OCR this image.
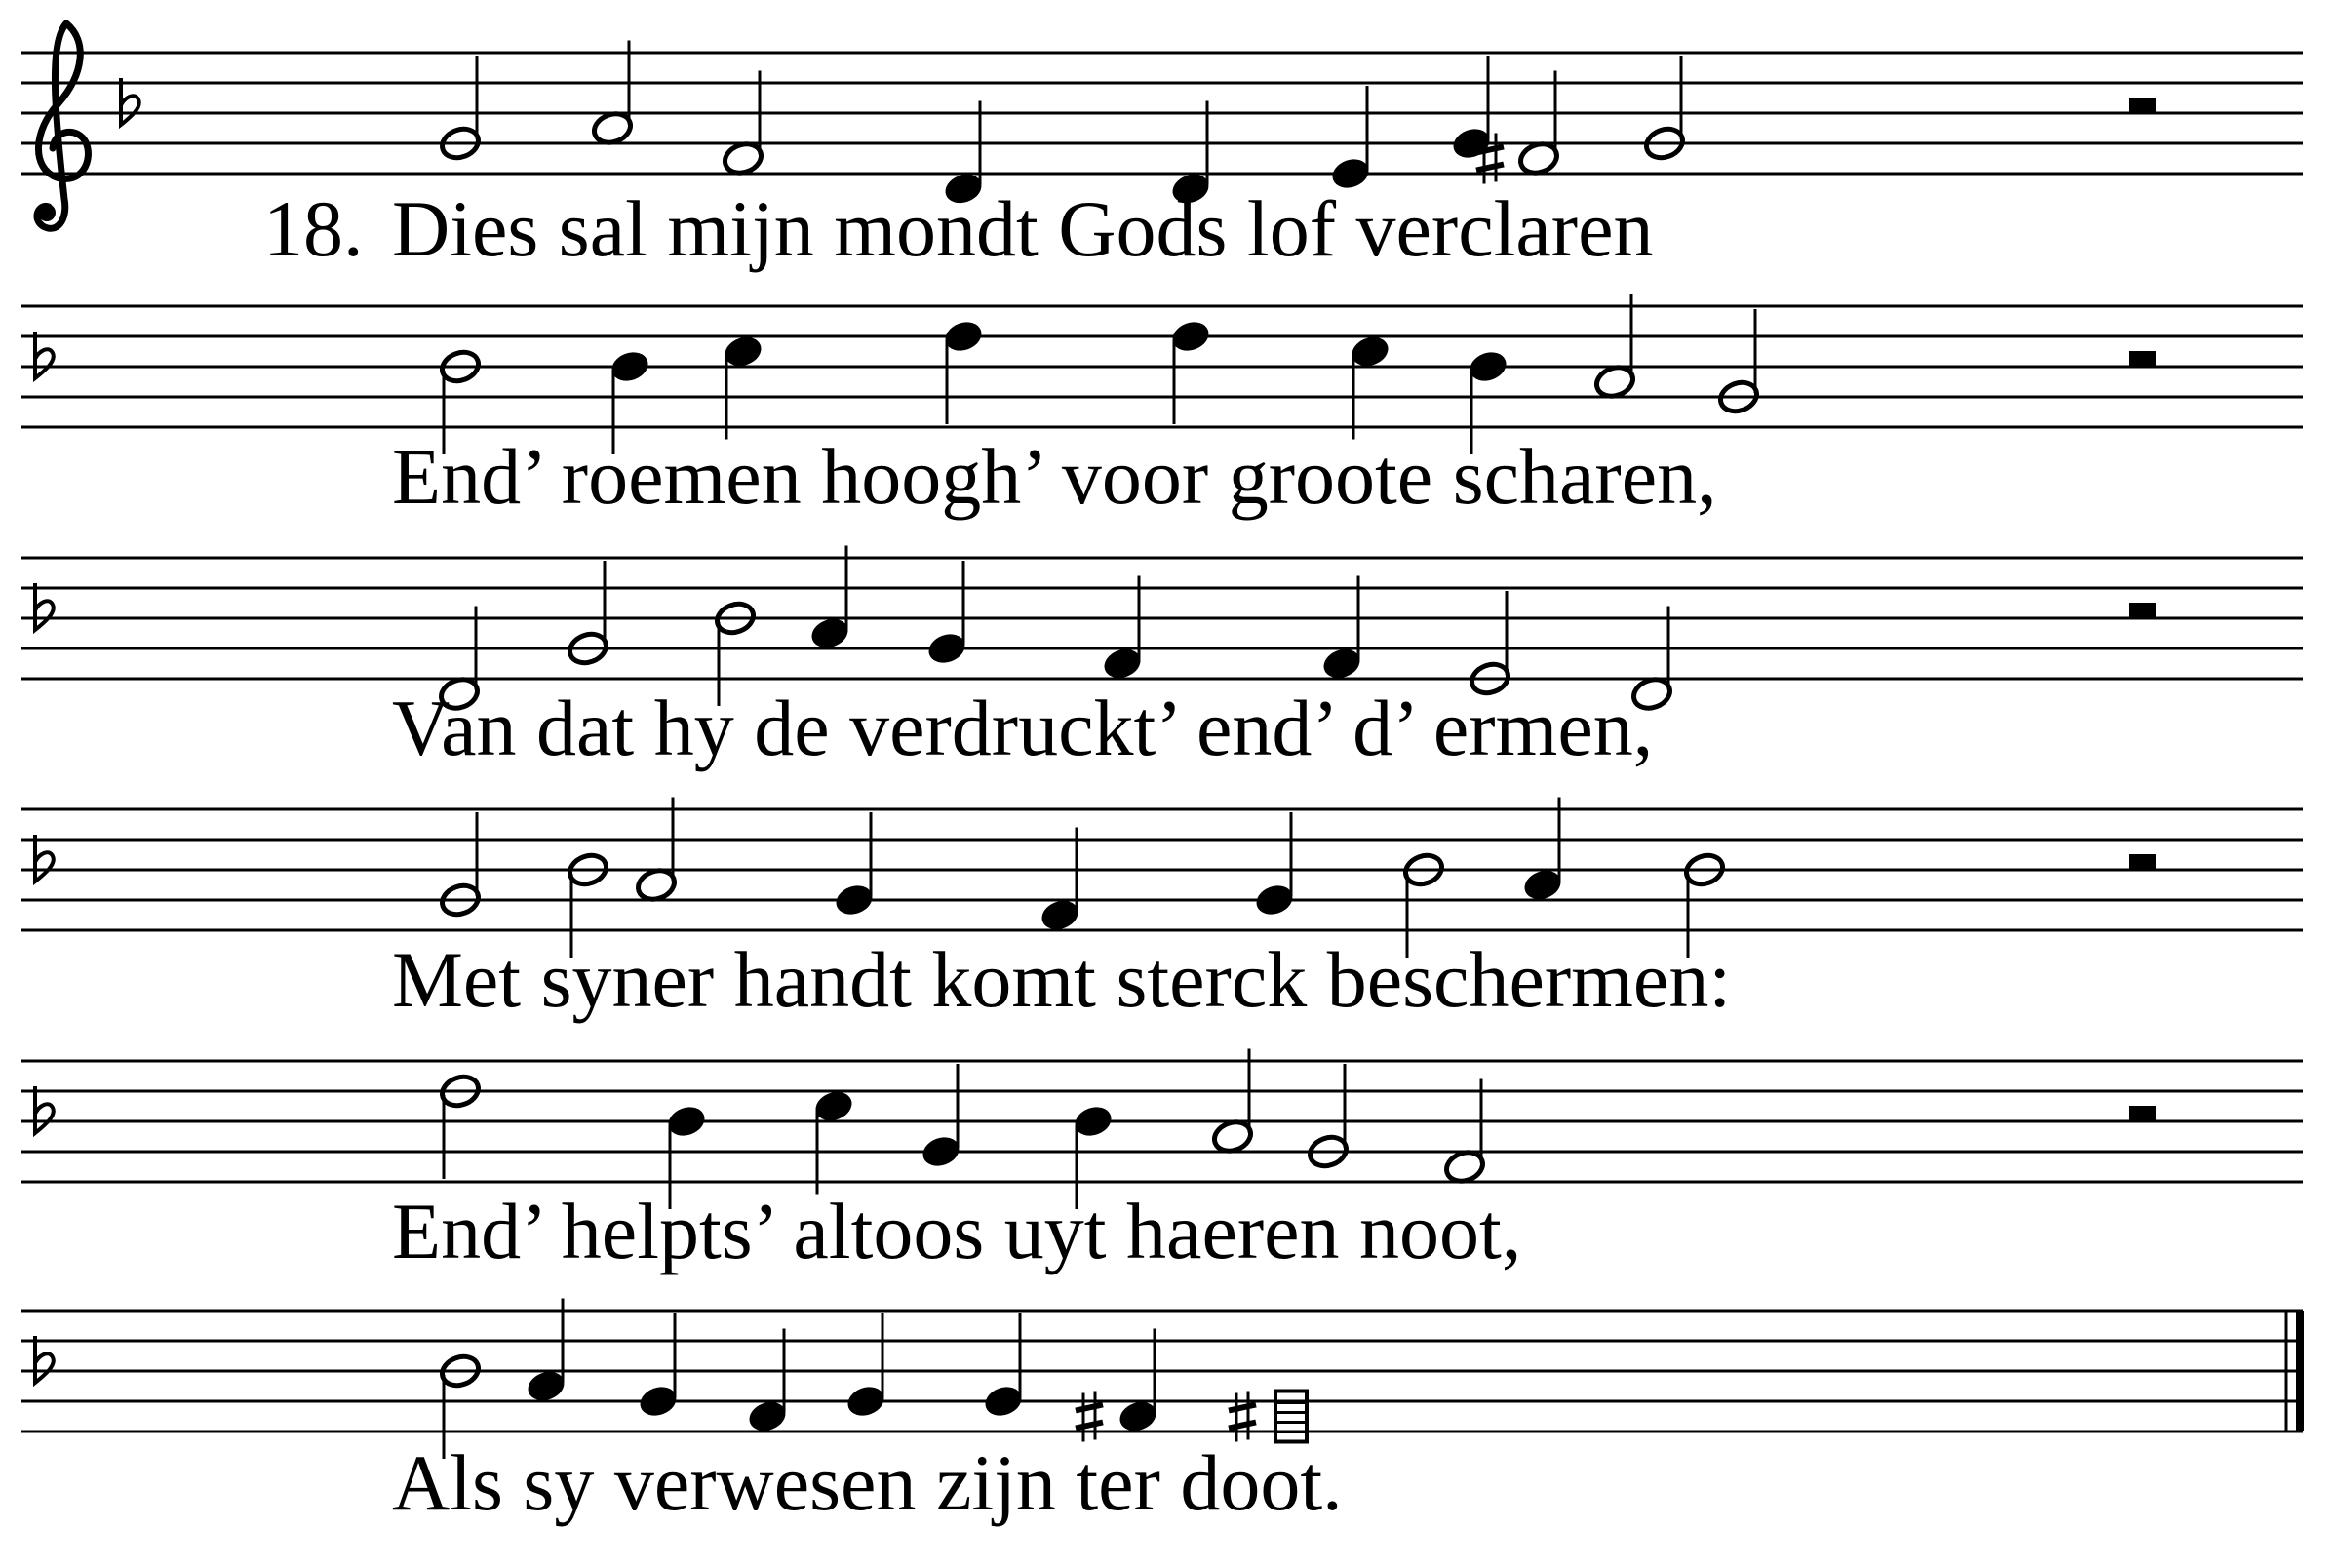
18. Dies sal mijn mondt Gods lof verclaren
End’ roemen hoogh’ voor groote scharen,
Van dat hy de verdruckt’ end’ d’ ermen,
Met syner handt komt sterck beschermen:
End’ helpts’ altoos uyt haeren noot,
Als sy verwesen zijn ter doot.
